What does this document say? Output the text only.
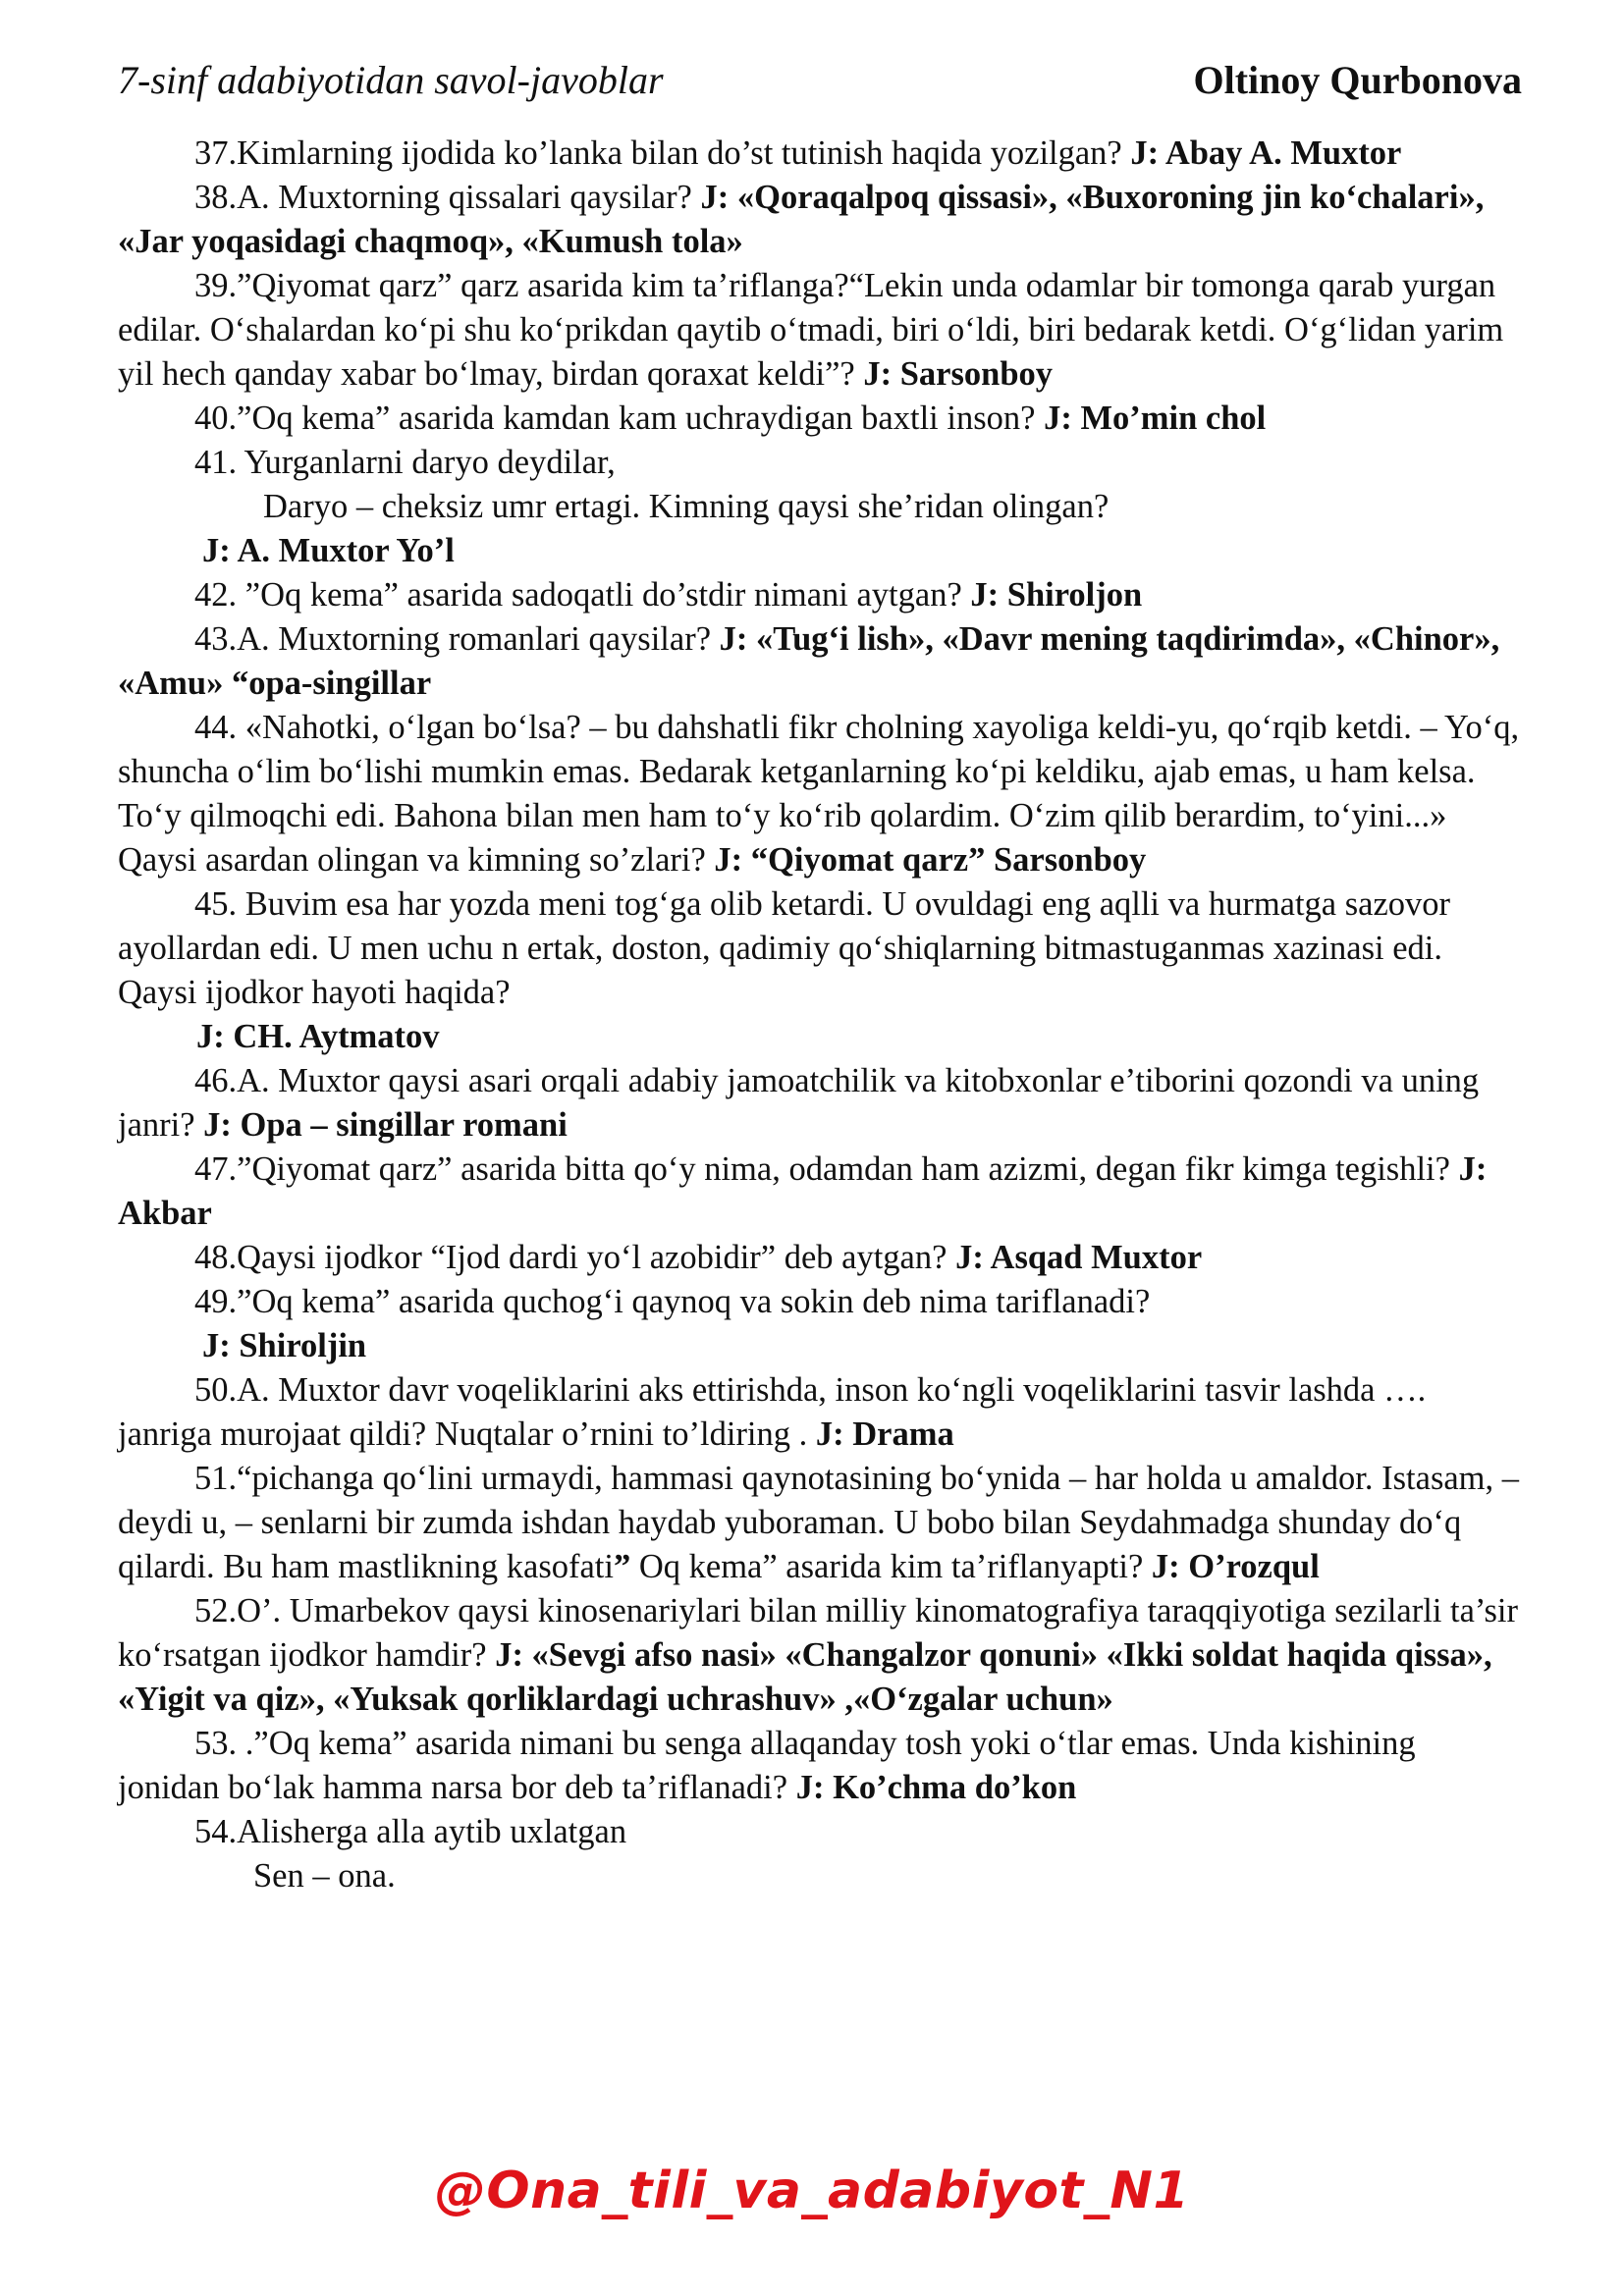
7-sinf adabiyotidan savol-javoblar	Oltinoy Qurbonova

37.Kimlarning ijodida ko’lanka bilan do’st tutinish haqida yozilgan? J: Abay A. Muxtor

38.A. Muxtorning qissalari qaysilar? J: «Qoraqalpoq qissasi», «Buxoroning jin ko‘chalari», «Jar yoqasidagi chaqmoq», «Kumush tola»

39.”Qiyomat qarz” qarz asarida kim ta’riflanga?“Lekin unda odamlar bir tomonga qarab yurgan edilar. O‘shalardan ko‘pi shu ko‘prikdan qaytib o‘tmadi, biri o‘ldi, biri bedarak ketdi. O‘g‘lidan yarim yil hech qanday xabar bo‘lmay, birdan qoraxat keldi”? J: Sarsonboy

40.”Oq kema” asarida kamdan kam uchraydigan baxtli inson? J: Mo’min chol

41. Yurganlarni daryo deydilar,
Daryo – cheksiz umr ertagi. Kimning qaysi she’ridan olingan?
J: A. Muxtor Yo’l

42. ”Oq kema” asarida sadoqatli do’stdir nimani aytgan? J: Shiroljon

43.A. Muxtorning romanlari qaysilar? J: «Tug‘i lish», «Davr mening taqdirimda», «Chinor», «Amu» “opa-singillar

44. «Nahotki, o‘lgan bo‘lsa? – bu dahshatli fikr cholning xayoliga keldi-yu, qo‘rqib ketdi. – Yo‘q, shuncha o‘lim bo‘lishi mumkin emas. Bedarak ketganlarning ko‘pi keldiku, ajab emas, u ham kelsa. To‘y qilmoqchi edi. Bahona bilan men ham to‘y ko‘rib qolardim. O‘zim qilib berardim, to‘yini...» Qaysi asardan olingan va kimning so’zlari? J: “Qiyomat qarz” Sarsonboy

45. Buvim esa har yozda meni tog‘ga olib ketardi. U ovuldagi eng aqlli va hurmatga sazovor ayollardan edi. U men uchu n ertak, doston, qadimiy qo‘shiqlarning bitmastuganmas xazinasi edi. Qaysi ijodkor hayoti haqida?
J: CH. Aytmatov

46.A. Muxtor qaysi asari orqali adabiy jamoatchilik va kitobxonlar e’tiborini qozondi va uning janri? J: Opa – singillar romani

47.”Qiyomat qarz” asarida bitta qo‘y nima, odamdan ham azizmi, degan fikr kimga tegishli? J: Akbar

48.Qaysi ijodkor “Ijod dardi yo‘l azobidir” deb aytgan? J: Asqad Muxtor

49.”Oq kema” asarida quchog‘i qaynoq va sokin deb nima tariflanadi?
J: Shiroljin

50.A. Muxtor davr voqeliklarini aks ettirishda, inson ko‘ngli voqeliklarini tasvir lashda …. janriga murojaat qildi? Nuqtalar o’rnini to’ldiring . J: Drama

51.“pichanga qo‘lini urmaydi, hammasi qaynotasining bo‘ynida – har holda u amaldor. Istasam, – deydi u, – senlarni bir zumda ishdan haydab yuboraman. U bobo bilan Seydahmadga shunday do‘q qilardi. Bu ham mastlikning kasofati” Oq kema” asarida kim ta’riflanyapti? J: O’rozqul

52.O’. Umarbekov qaysi kinosenariylari bilan milliy kinomatografiya taraqqiyotiga sezilarli ta’sir ko‘rsatgan ijodkor hamdir? J: «Sevgi afso nasi» «Changalzor qonuni» «Ikki soldat haqida qissa», «Yigit va qiz», «Yuksak qorliklardagi uchrashuv» ,«O‘zgalar uchun»

53. .”Oq kema” asarida nimani bu senga allaqanday tosh yoki o‘tlar emas. Unda kishining jonidan bo‘lak hamma narsa bor deb ta’riflanadi? J: Ko’chma do’kon

54.Alisherga alla aytib uxlatgan
Sen – ona.

@Ona_tili_va_adabiyot_N1
